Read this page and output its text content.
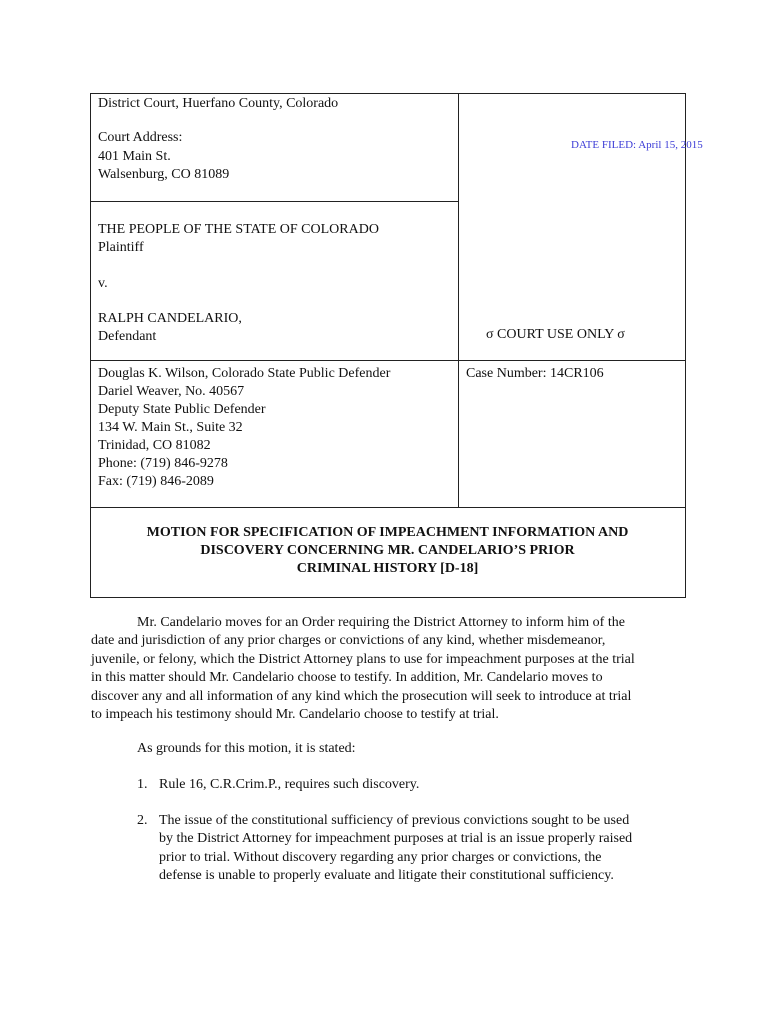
District Court, Huerfano County, Colorado
Court Address:
401 Main St.
Walsenburg, CO 81089
DATE FILED: April 15, 2015
THE PEOPLE OF THE STATE OF COLORADO
Plaintiff
v.
RALPH CANDELARIO,
Defendant	σ COURT USE ONLY σ
Douglas K. Wilson, Colorado State Public Defender
Dariel Weaver, No. 40567
Deputy State Public Defender
134 W. Main St., Suite 32
Trinidad, CO 81082
Phone: (719) 846-9278
Fax: (719) 846-2089
Case Number: 14CR106
MOTION FOR SPECIFICATION OF IMPEACHMENT INFORMATION AND
DISCOVERY CONCERNING MR. CANDELARIO’S PRIOR
CRIMINAL HISTORY [D-18]
Mr. Candelario moves for an Order requiring the District Attorney to inform him of the
date and jurisdiction of any prior charges or convictions of any kind, whether misdemeanor,
juvenile, or felony, which the District Attorney plans to use for impeachment purposes at the trial
in this matter should Mr. Candelario choose to testify. In addition, Mr. Candelario moves to
discover any and all information of any kind which the prosecution will seek to introduce at trial
to impeach his testimony should Mr. Candelario choose to testify at trial.
As grounds for this motion, it is stated:
1. Rule 16, C.R.Crim.P., requires such discovery.
2. The issue of the constitutional sufficiency of previous convictions sought to be used
by the District Attorney for impeachment purposes at trial is an issue properly raised
prior to trial. Without discovery regarding any prior charges or convictions, the
defense is unable to properly evaluate and litigate their constitutional sufficiency.
